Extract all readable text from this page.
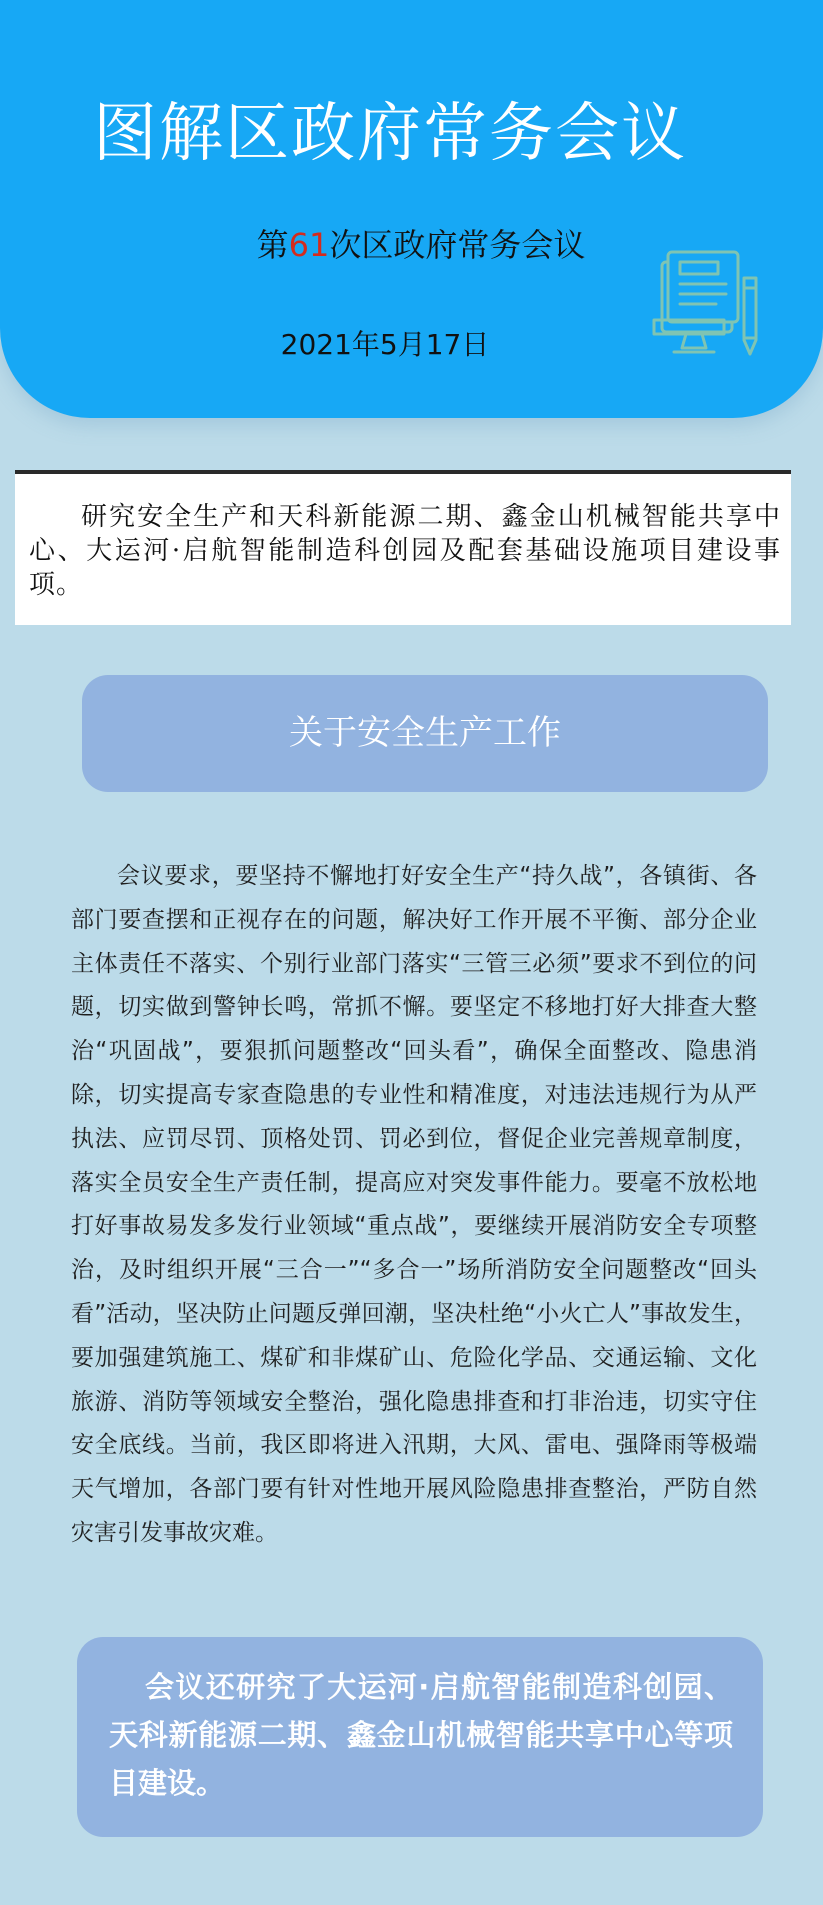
图解区政府常务会议
第61次区政府常务会议
2021年5月17日

研究安全生产和天科新能源二期、鑫金山机械智能共享中心、大运河·启航智能制造科创园及配套基础设施项目建设事项。

关于安全生产工作

会议要求，要坚持不懈地打好安全生产“持久战”，各镇街、各部门要查摆和正视存在的问题，解决好工作开展不平衡、部分企业主体责任不落实、个别行业部门落实“三管三必须”要求不到位的问题，切实做到警钟长鸣，常抓不懈。要坚定不移地打好大排查大整治“巩固战”，要狠抓问题整改“回头看”，确保全面整改、隐患消除，切实提高专家查隐患的专业性和精准度，对违法违规行为从严执法、应罚尽罚、顶格处罚、罚必到位，督促企业完善规章制度，落实全员安全生产责任制，提高应对突发事件能力。要毫不放松地打好事故易发多发行业领域“重点战”，要继续开展消防安全专项整治，及时组织开展“三合一”“多合一”场所消防安全问题整改“回头看”活动，坚决防止问题反弹回潮，坚决杜绝“小火亡人”事故发生，要加强建筑施工、煤矿和非煤矿山、危险化学品、交通运输、文化旅游、消防等领域安全整治，强化隐患排查和打非治违，切实守住安全底线。当前，我区即将进入汛期，大风、雷电、强降雨等极端天气增加，各部门要有针对性地开展风险隐患排查整治，严防自然灾害引发事故灾难。

会议还研究了大运河·启航智能制造科创园、天科新能源二期、鑫金山机械智能共享中心等项目建设。
